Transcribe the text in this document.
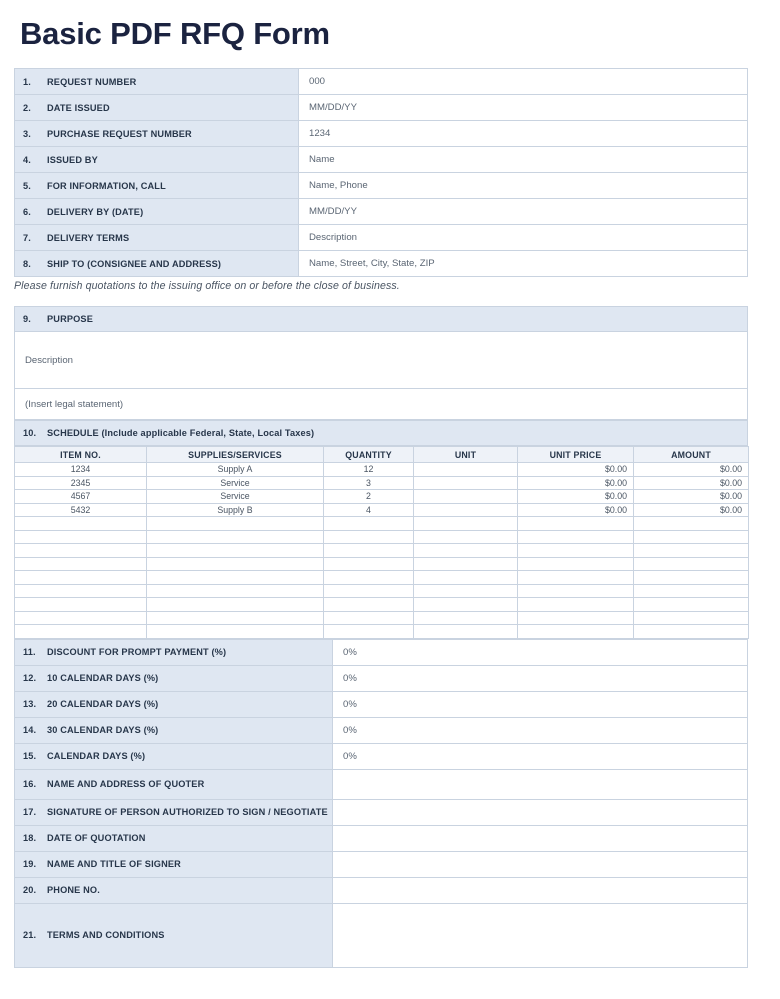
Basic PDF RFQ Form
1. REQUEST NUMBER	000
2. DATE ISSUED	MM/DD/YY
3. PURCHASE REQUEST NUMBER	1234
4. ISSUED BY	Name
5. FOR INFORMATION, CALL	Name, Phone
6. DELIVERY BY (DATE)	MM/DD/YY
7. DELIVERY TERMS	Description
8. SHIP TO (CONSIGNEE AND ADDRESS)	Name, Street, City, State, ZIP
Please furnish quotations to the issuing office on or before the close of business.
9. PURPOSE
Description
(Insert legal statement)
10. SCHEDULE (Include applicable Federal, State, Local Taxes)
ITEM NO.	SUPPLIES/SERVICES	QUANTITY	UNIT	UNIT PRICE	AMOUNT
1234	Supply A	12		$0.00	$0.00
2345	Service	3		$0.00	$0.00
4567	Service	2		$0.00	$0.00
5432	Supply B	4		$0.00	$0.00

11. DISCOUNT FOR PROMPT PAYMENT (%)	0%
12. 10 CALENDAR DAYS (%)	0%
13. 20 CALENDAR DAYS (%)	0%
14. 30 CALENDAR DAYS (%)	0%
15. CALENDAR DAYS (%)	0%
16. NAME AND ADDRESS OF QUOTER	
17. SIGNATURE OF PERSON AUTHORIZED TO SIGN / NEGOTIATE	
18. DATE OF QUOTATION	
19. NAME AND TITLE OF SIGNER	
20. PHONE NO.	
21. TERMS AND CONDITIONS	
